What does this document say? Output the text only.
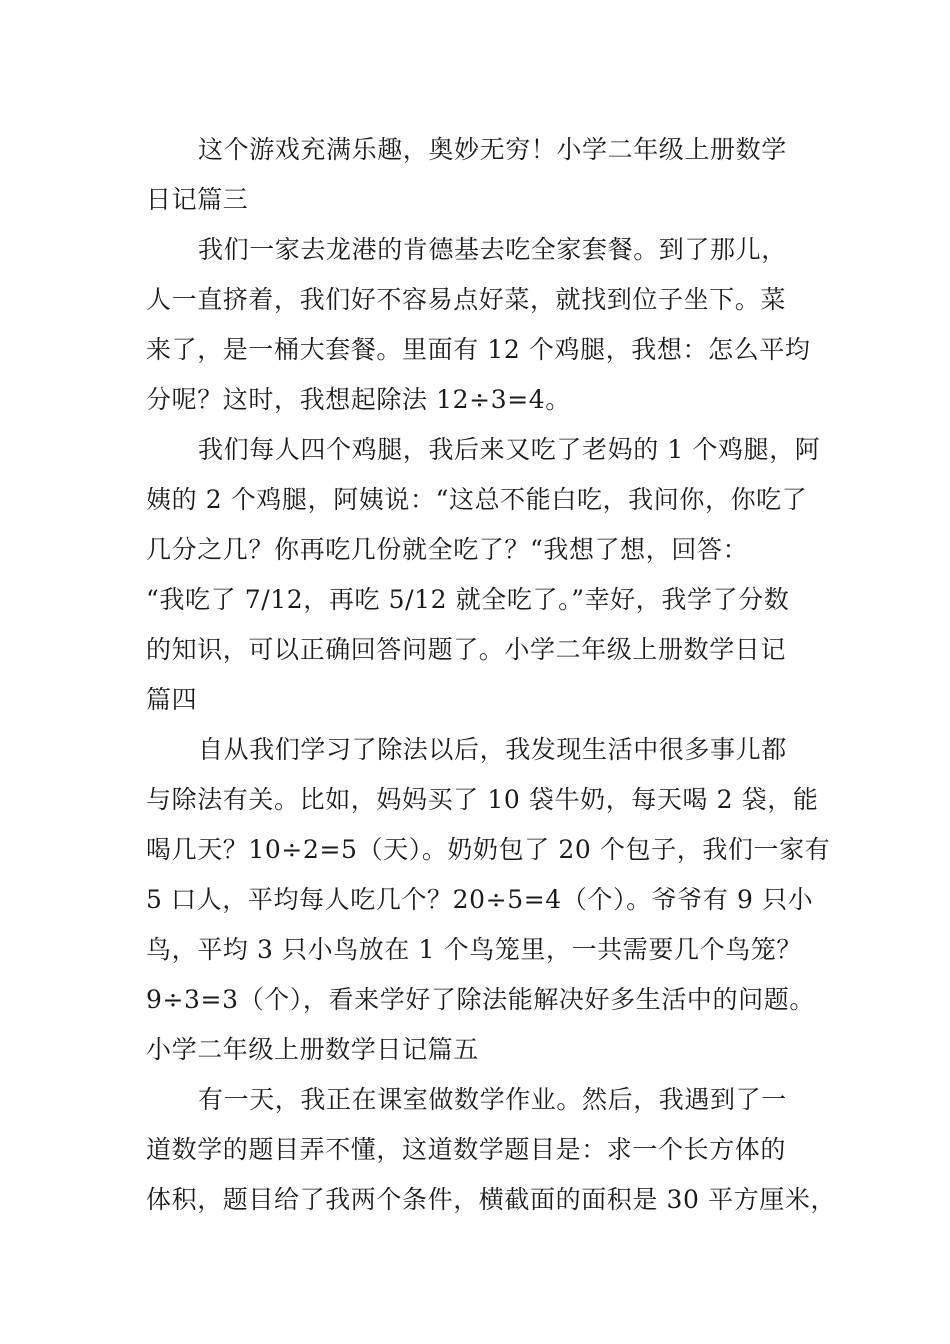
这个游戏充满乐趣，奥妙无穷！小学二年级上册数学
日记篇三
我们一家去龙港的肯德基去吃全家套餐。到了那儿，
人一直挤着，我们好不容易点好菜，就找到位子坐下。菜
来了，是一桶大套餐。里面有 12 个鸡腿，我想：怎么平均
分呢？这时，我想起除法 12÷3=4。
我们每人四个鸡腿，我后来又吃了老妈的 1 个鸡腿，阿
姨的 2 个鸡腿，阿姨说：“这总不能白吃，我问你，你吃了
几分之几？你再吃几份就全吃了？“我想了想，回答：
“我吃了 7/12，再吃 5/12 就全吃了。”幸好，我学了分数
的知识，可以正确回答问题了。小学二年级上册数学日记
篇四
自从我们学习了除法以后，我发现生活中很多事儿都
与除法有关。比如，妈妈买了 10 袋牛奶，每天喝 2 袋，能
喝几天？10÷2=5（天）。奶奶包了 20 个包子，我们一家有
5 口人，平均每人吃几个？20÷5=4（个）。爷爷有 9 只小
鸟，平均 3 只小鸟放在 1 个鸟笼里，一共需要几个鸟笼？
9÷3=3（个），看来学好了除法能解决好多生活中的问题。
小学二年级上册数学日记篇五
有一天，我正在课室做数学作业。然后，我遇到了一
道数学的题目弄不懂，这道数学题目是：求一个长方体的
体积，题目给了我两个条件，横截面的面积是 30 平方厘米，
